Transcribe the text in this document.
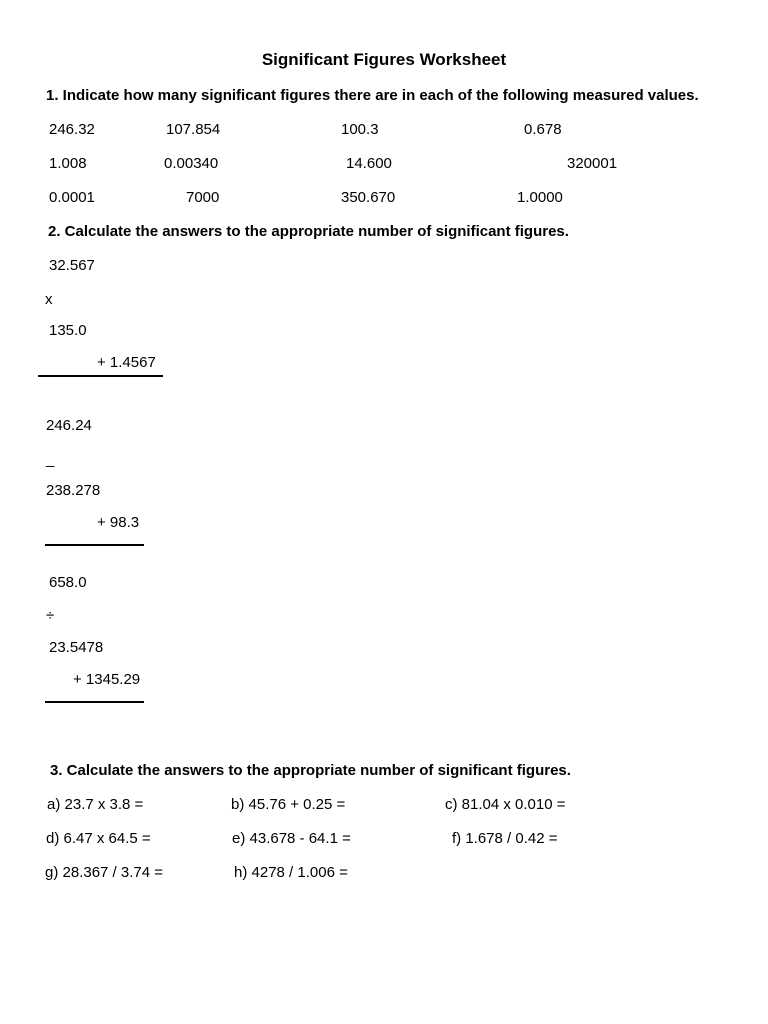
Significant Figures Worksheet
1. Indicate how many significant figures there are in each of the following measured values.
246.32	107.854	100.3	0.678
1.008	0.00340	14.600	320001
0.0001	7000	350.670	1.0000
2. Calculate the answers to the appropriate number of significant figures.
32.567
x
135.0
+ 1.4567
246.24
_
238.278
+ 98.3
658.0
÷
23.5478
+ 1345.29
3. Calculate the answers to the appropriate number of significant figures.
a) 23.7 x 3.8 =	b) 45.76 + 0.25 =	c) 81.04 x 0.010 =
d) 6.47 x 64.5 =	e) 43.678 - 64.1 =	f) 1.678 / 0.42 =
g) 28.367 / 3.74 =	h) 4278 / 1.006 =
